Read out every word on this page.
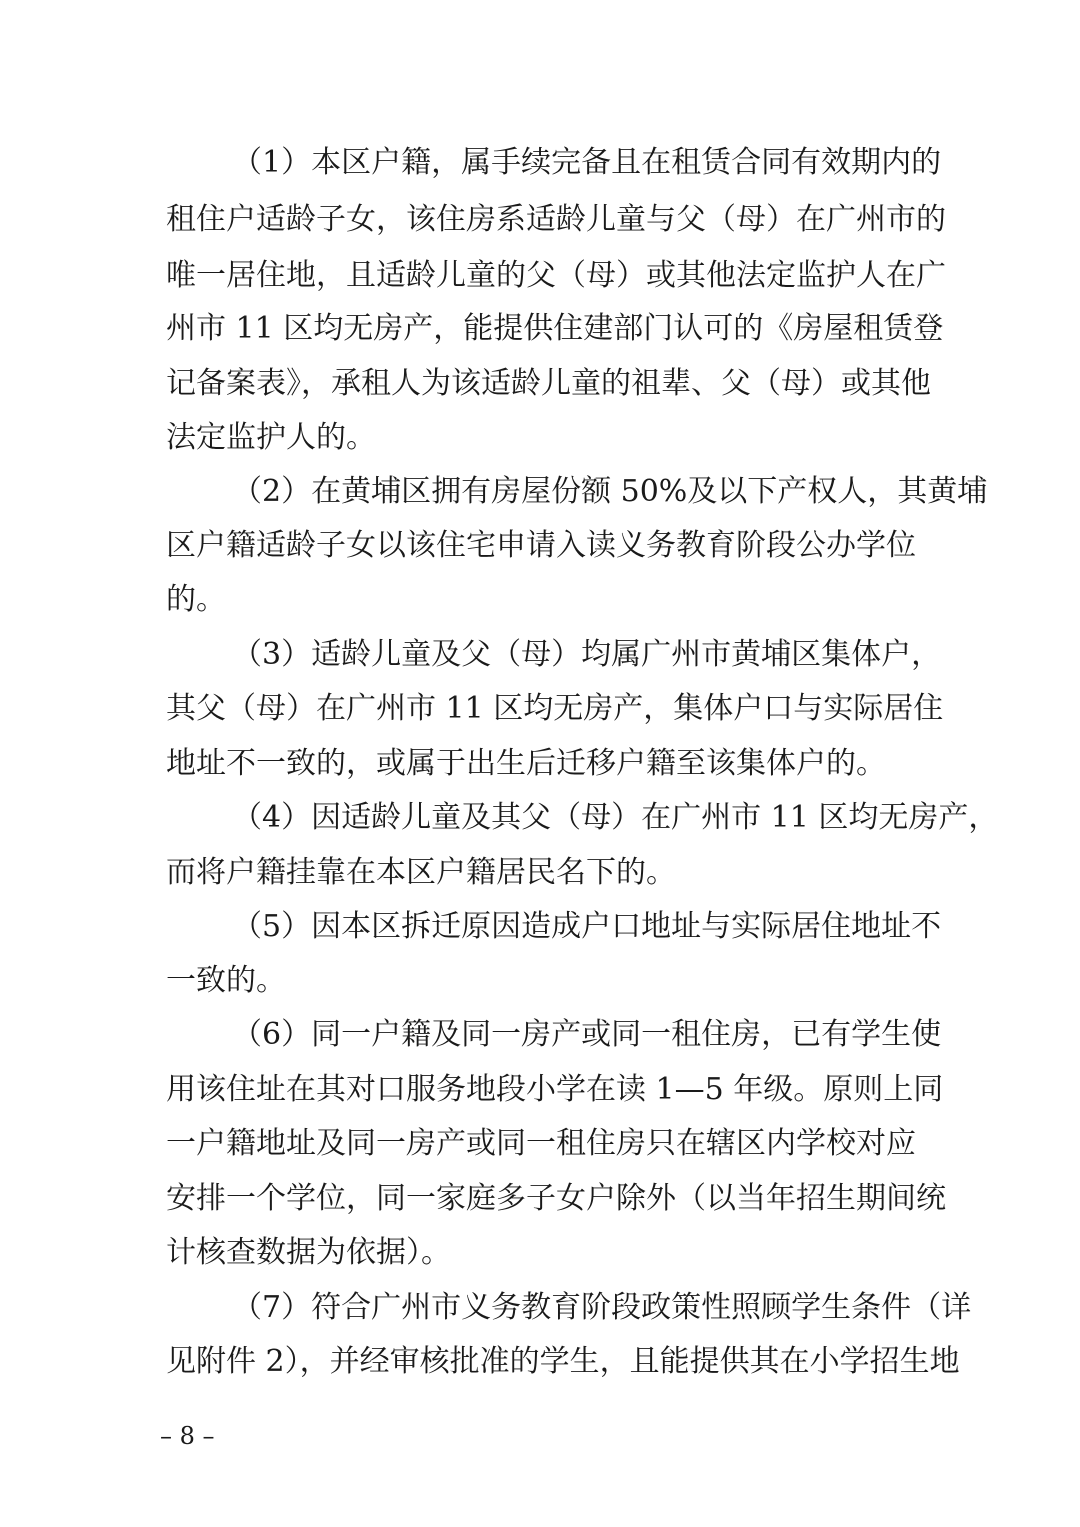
（1）本区户籍，属手续完备且在租赁合同有效期内的
租住户适龄子女，该住房系适龄儿童与父（母）在广州市的
唯一居住地，且适龄儿童的父（母）或其他法定监护人在广
州市 11 区均无房产，能提供住建部门认可的《房屋租赁登
记备案表》，承租人为该适龄儿童的祖辈、父（母）或其他
法定监护人的。
（2）在黄埔区拥有房屋份额 50%及以下产权人，其黄埔
区户籍适龄子女以该住宅申请入读义务教育阶段公办学位
的。
（3）适龄儿童及父（母）均属广州市黄埔区集体户，
其父（母）在广州市 11 区均无房产，集体户口与实际居住
地址不一致的，或属于出生后迁移户籍至该集体户的。
（4）因适龄儿童及其父（母）在广州市 11 区均无房产，
而将户籍挂靠在本区户籍居民名下的。
（5）因本区拆迁原因造成户口地址与实际居住地址不
一致的。
（6）同一户籍及同一房产或同一租住房，已有学生使
用该住址在其对口服务地段小学在读 1—5 年级。原则上同
一户籍地址及同一房产或同一租住房只在辖区内学校对应
安排一个学位，同一家庭多子女户除外（以当年招生期间统
计核查数据为依据）。
（7）符合广州市义务教育阶段政策性照顾学生条件（详
见附件 2），并经审核批准的学生，且能提供其在小学招生地
– 8 –
